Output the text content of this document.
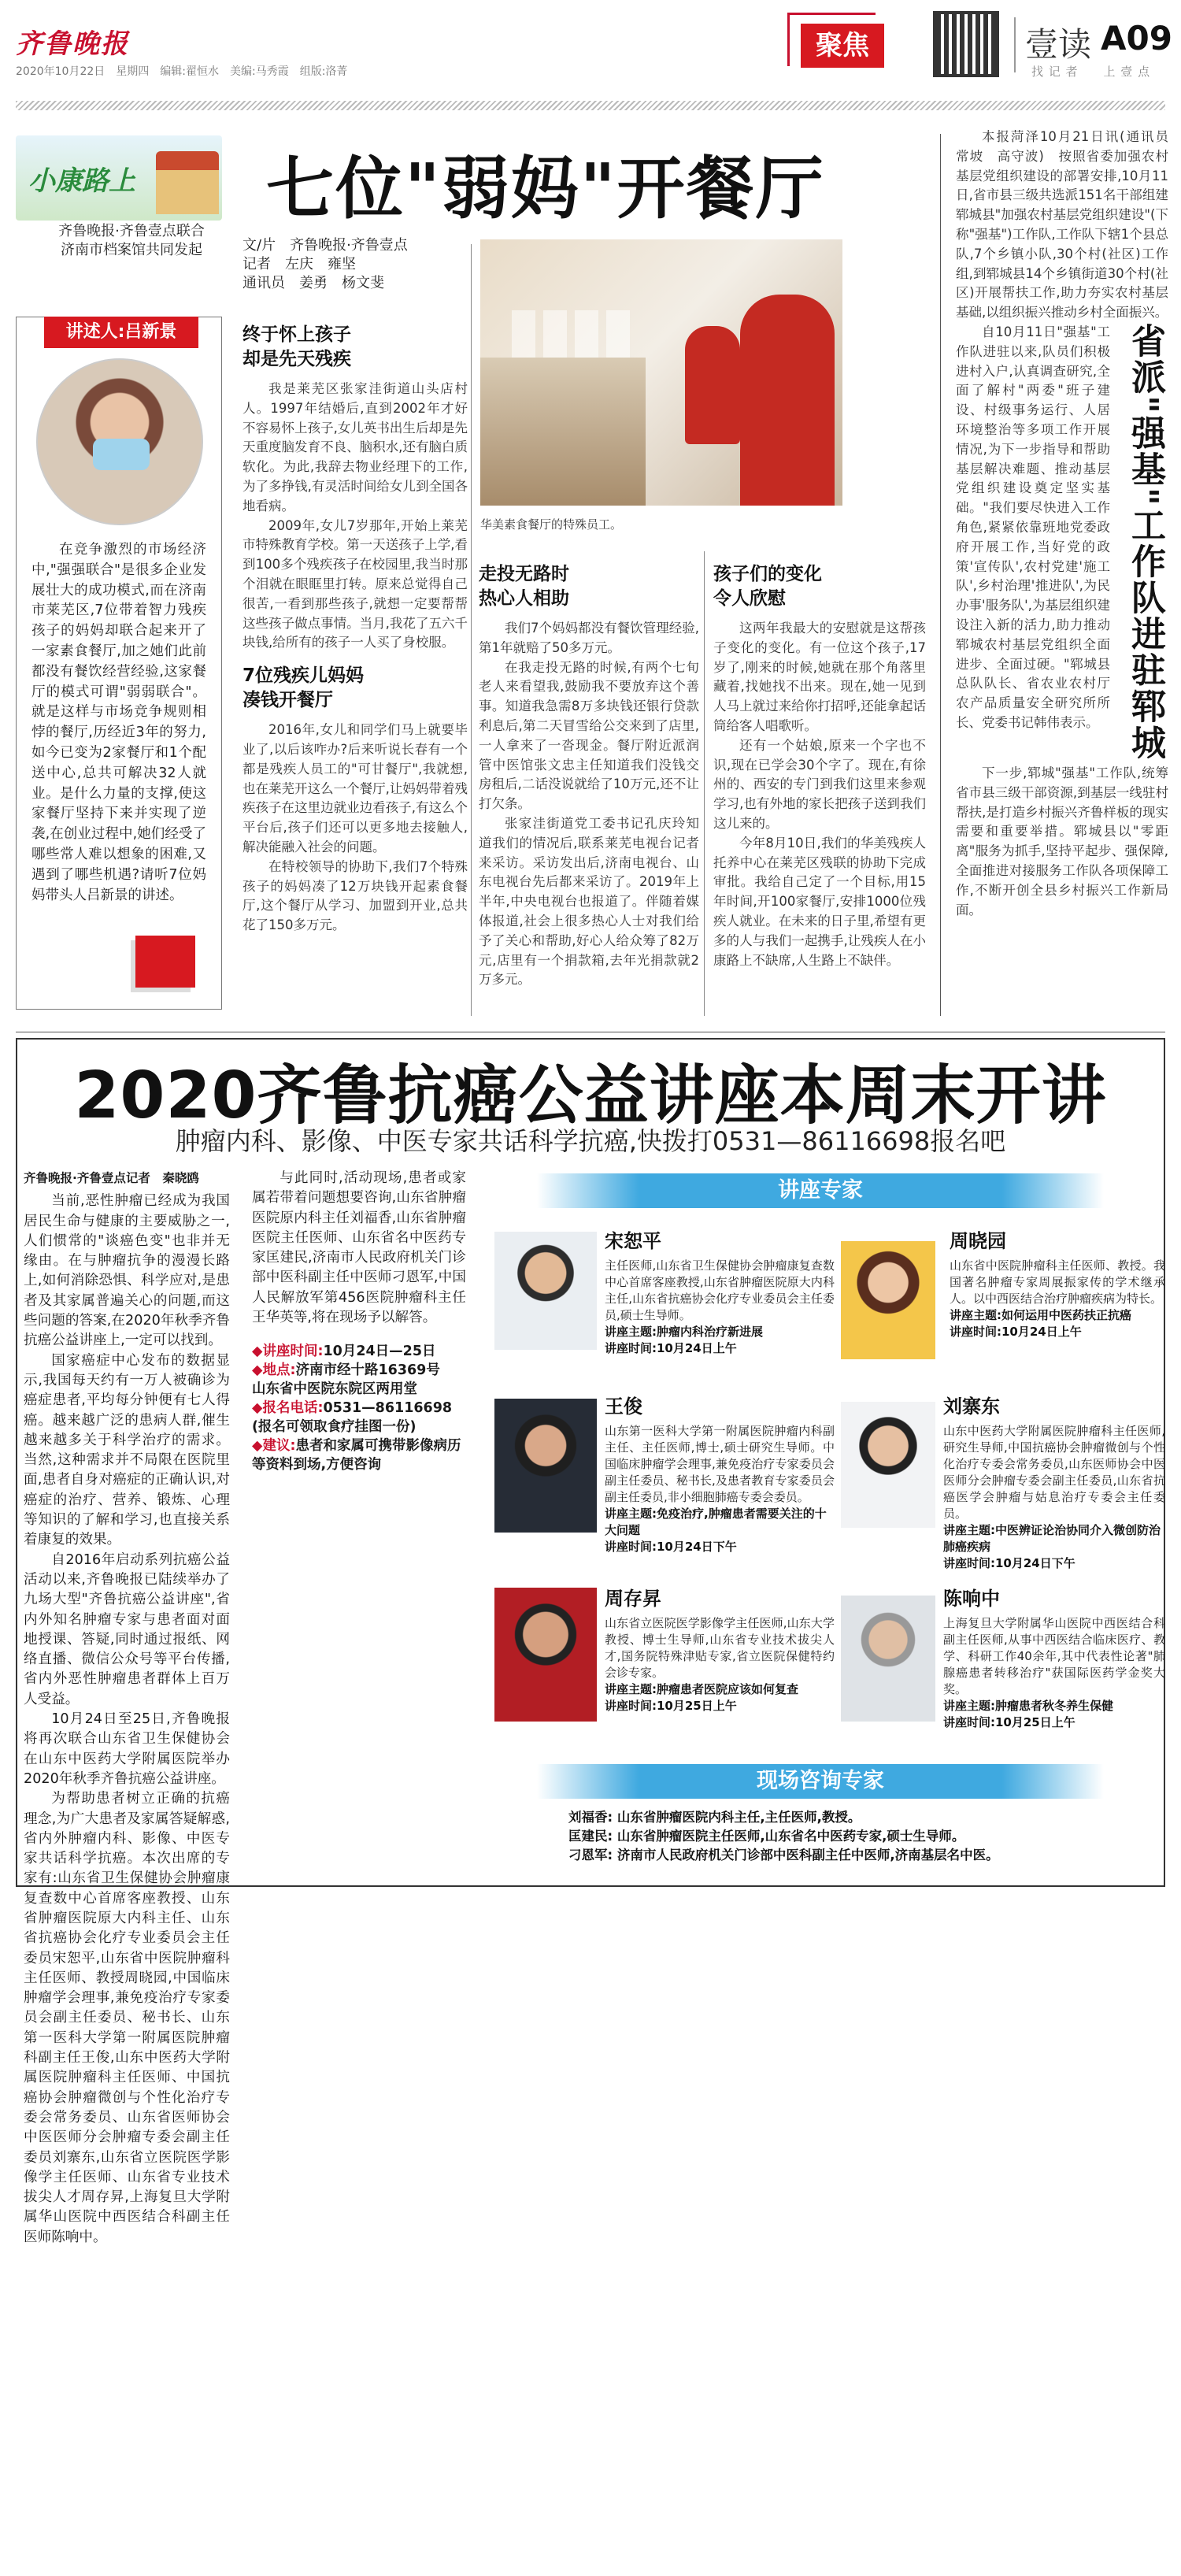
齐鲁晚报
2020年10月22日　星期四　编辑:翟恒水　美编:马秀霞　组版:洛菁
聚焦	壹读 A09
找 记 者　　上 壹 点
小康路上
齐鲁晚报·齐鲁壹点联合
济南市档案馆共同发起
讲述人:吕新景

在竞争激烈的市场经济中,"强强联合"是很多企业发展壮大的成功模式,而在济南市莱芜区,7位带着智力残疾孩子的妈妈却联合起来开了一家素食餐厅,加之她们此前都没有餐饮经营经验,这家餐厅的模式可谓"弱弱联合"。就是这样与市场竞争规则相悖的餐厅,历经近3年的努力,如今已变为2家餐厅和1个配送中心,总共可解决32人就业。是什么力量的支撑,使这家餐厅坚持下来并实现了逆袭,在创业过程中,她们经受了哪些常人难以想象的困难,又遇到了哪些机遇?请听7位妈妈带头人吕新景的讲述。

七位"弱妈"开餐厅
文/片　齐鲁晚报·齐鲁壹点
记者　左庆　雍坚
通讯员　姜勇　杨文斐
华美素食餐厅的特殊员工。
终于怀上孩子
却是先天残疾

我是莱芜区张家洼街道山头店村人。1997年结婚后,直到2002年才好不容易怀上孩子,女儿英书出生后却是先天重度脑发育不良、脑积水,还有脑白质软化。为此,我辞去物业经理下的工作,为了多挣钱,有灵活时间给女儿到全国各地看病。

2009年,女儿7岁那年,开始上莱芜市特殊教育学校。第一天送孩子上学,看到100多个残疾孩子在校园里,我当时那个泪就在眼眶里打转。原来总觉得自己很苦,一看到那些孩子,就想一定要帮帮这些孩子做点事情。当月,我花了五六千块钱,给所有的孩子一人买了身校服。

7位残疾儿妈妈
凑钱开餐厅

2016年,女儿和同学们马上就要毕业了,以后该咋办?后来听说长春有一个都是残疾人员工的"可甘餐厅",我就想,也在莱芜开这么一个餐厅,让妈妈带着残疾孩子在这里边就业边看孩子,有这么个平台后,孩子们还可以更多地去接触人,解决能融入社会的问题。

在特校领导的协助下,我们7个特殊孩子的妈妈凑了12万块钱开起素食餐厅,这个餐厅从学习、加盟到开业,总共花了150多万元。

走投无路时
热心人相助

我们7个妈妈都没有餐饮管理经验,第1年就赔了50多万元。

在我走投无路的时候,有两个七旬老人来看望我,鼓励我不要放弃这个善事。知道我急需8万多块钱还银行贷款利息后,第二天冒雪给公交来到了店里,一人拿来了一沓现金。餐厅附近派润管中医馆张文忠主任知道我们没钱交房租后,二话没说就给了10万元,还不让打欠条。

张家洼街道党工委书记孔庆玲知道我们的情况后,联系莱芜电视台记者来采访。采访发出后,济南电视台、山东电视台先后都来采访了。2019年上半年,中央电视台也报道了。伴随着媒体报道,社会上很多热心人士对我们给予了关心和帮助,好心人给众筹了82万元,店里有一个捐款箱,去年光捐款就2万多元。

孩子们的变化
令人欣慰

这两年我最大的安慰就是这帮孩子变化的变化。有一位这个孩子,17岁了,刚来的时候,她就在那个角落里藏着,找她找不出来。现在,她一见到人马上就过来给你打招呼,还能拿起话筒给客人唱歌听。

还有一个姑娘,原来一个字也不识,现在已学会30个字了。现在,有徐州的、西安的专门到我们这里来参观学习,也有外地的家长把孩子送到我们这儿来的。

今年8月10日,我们的华美残疾人托养中心在莱芜区残联的协助下完成审批。我给自己定了一个目标,用15年时间,开100家餐厅,安排1000位残疾人就业。在未来的日子里,希望有更多的人与我们一起携手,让残疾人在小康路上不缺席,人生路上不缺伴。

本报菏泽10月21日讯(通讯员　常坡　高守波)　按照省委加强农村基层党组织建设的部署安排,10月11日,省市县三级共选派151名干部组建郓城县"加强农村基层党组织建设"(下称"强基")工作队,工作队下辖1个县总队,7个乡镇小队,30个村(社区)工作组,到郓城县14个乡镇街道30个村(社区)开展帮扶工作,助力夯实农村基层基础,以组织振兴推动乡村全面振兴。

自10月11日"强基"工作队进驻以来,队员们积极进村入户,认真调查研究,全面了解村"两委"班子建设、村级事务运行、人居环境整治等多项工作开展情况,为下一步指导和帮助基层解决难题、推动基层党组织建设奠定坚实基础。"我们要尽快进入工作角色,紧紧依靠班地党委政府开展工作,当好党的政策'宣传队',农村党建'施工队',乡村治理'推进队',为民办事'服务队',为基层组织建设注入新的活力,助力推动郓城农村基层党组织全面进步、全面过硬。"郓城县总队队长、省农业农村厅农产品质量安全研究所所长、党委书记韩伟表示。 省派"强基"工作队进驻郓城

下一步,郓城"强基"工作队,统筹省市县三级干部资源,到基层一线驻村帮扶,是打造乡村振兴齐鲁样板的现实需要和重要举措。郓城县以"零距离"服务为抓手,坚持平起步、强保障,全面推进对接服务工作队各项保障工作,不断开创全县乡村振兴工作新局面。

2020齐鲁抗癌公益讲座本周末开讲
肿瘤内科、影像、中医专家共话科学抗癌,快拨打0531—86116698报名吧
齐鲁晚报·齐鲁壹点记者　秦晓鸥

当前,恶性肿瘤已经成为我国居民生命与健康的主要威胁之一,人们惯常的"谈癌色变"也非并无缘由。在与肿瘤抗争的漫漫长路上,如何消除恐惧、科学应对,是患者及其家属普遍关心的问题,而这些问题的答案,在2020年秋季齐鲁抗癌公益讲座上,一定可以找到。

国家癌症中心发布的数据显示,我国每天约有一万人被确诊为癌症患者,平均每分钟便有七人得癌。越来越广泛的患病人群,催生越来越多关于科学治疗的需求。当然,这种需求并不局限在医院里面,患者自身对癌症的正确认识,对癌症的治疗、营养、锻炼、心理等知识的了解和学习,也直接关系着康复的效果。

自2016年启动系列抗癌公益活动以来,齐鲁晚报已陆续举办了九场大型"齐鲁抗癌公益讲座",省内外知名肿瘤专家与患者面对面地授课、答疑,同时通过报纸、网络直播、微信公众号等平台传播,省内外恶性肿瘤患者群体上百万人受益。

10月24日至25日,齐鲁晚报将再次联合山东省卫生保健协会在山东中医药大学附属医院举办2020年秋季齐鲁抗癌公益讲座。

为帮助患者树立正确的抗癌理念,为广大患者及家属答疑解惑,省内外肿瘤内科、影像、中医专家共话科学抗癌。本次出席的专家有:山东省卫生保健协会肿瘤康复查数中心首席客座教授、山东省肿瘤医院原大内科主任、山东省抗癌协会化疗专业委员会主任委员宋恕平,山东省中医院肿瘤科主任医师、教授周晓园,中国临床肿瘤学会理事,兼免疫治疗专家委员会副主任委员、秘书长、山东第一医科大学第一附属医院肿瘤科副主任王俊,山东中医药大学附属医院肿瘤科主任医师、中国抗癌协会肿瘤微创与个性化治疗专委会常务委员、山东省医师协会中医医师分会肿瘤专委会副主任委员刘寨东,山东省立医院医学影像学主任医师、山东省专业技术拔尖人才周存昇,上海复旦大学附属华山医院中西医结合科副主任医师陈响中。

与此同时,活动现场,患者或家属若带着问题想要咨询,山东省肿瘤医院原内科主任刘福香,山东省肿瘤医院主任医师、山东省名中医药专家匡建民,济南市人民政府机关门诊部中医科副主任中医师刁恩军,中国人民解放军第456医院肿瘤科主任王华英等,将在现场予以解答。

◆讲座时间:10月24日—25日
◆地点:济南市经十路16369号
山东省中医院东院区两用堂
◆报名电话:0531—86116698
(报名可领取食疗挂图一份)
◆建议:患者和家属可携带影像病历等资料到场,方便咨询
讲座专家
宋恕平
主任医师,山东省卫生保健协会肿瘤康复查数中心首席客座教授,山东省肿瘤医院原大内科主任,山东省抗癌协会化疗专业委员会主任委员,硕士生导师。
讲座主题:肿瘤内科治疗新进展
讲座时间:10月24日上午
周晓园
山东省中医院肿瘤科主任医师、教授。我国著名肿瘤专家周展振家传的学术继承人。以中西医结合治疗肿瘤疾病为特长。
讲座主题:如何运用中医药扶正抗癌
讲座时间:10月24日上午
王俊
山东第一医科大学第一附属医院肿瘤内科副主任、主任医师,博士,硕士研究生导师。中国临床肿瘤学会理事,兼免疫治疗专家委员会副主任委员、秘书长,及患者教育专家委员会副主任委员,非小细胞肺癌专委会委员。
讲座主题:免疫治疗,肿瘤患者需要关注的十大问题
讲座时间:10月24日下午
刘寨东
山东中医药大学附属医院肿瘤科主任医师,研究生导师,中国抗癌协会肿瘤微创与个性化治疗专委会常务委员,山东医师协会中医医师分会肿瘤专委会副主任委员,山东省抗癌医学会肿瘤与姑息治疗专委会主任委员。
讲座主题:中医辨证论治协同介入微创防治肺癌疾病
讲座时间:10月24日下午
周存昇
山东省立医院医学影像学主任医师,山东大学教授、博士生导师,山东省专业技术拔尖人才,国务院特殊津贴专家,省立医院保健特约会诊专家。
讲座主题:肿瘤患者医院应该如何复查
讲座时间:10月25日上午
陈响中
上海复旦大学附属华山医院中西医结合科副主任医师,从事中西医结合临床医疗、教学、科研工作40余年,其中代表性论著"肺腺癌患者转移治疗"获国际医药学金奖大奖。
讲座主题:肿瘤患者秋冬养生保健
讲座时间:10月25日上午
现场咨询专家
刘福香: 山东省肿瘤医院内科主任,主任医师,教授。
匡建民: 山东省肿瘤医院主任医师,山东省名中医药专家,硕士生导师。
刁恩军: 济南市人民政府机关门诊部中医科副主任中医师,济南基层名中医。
